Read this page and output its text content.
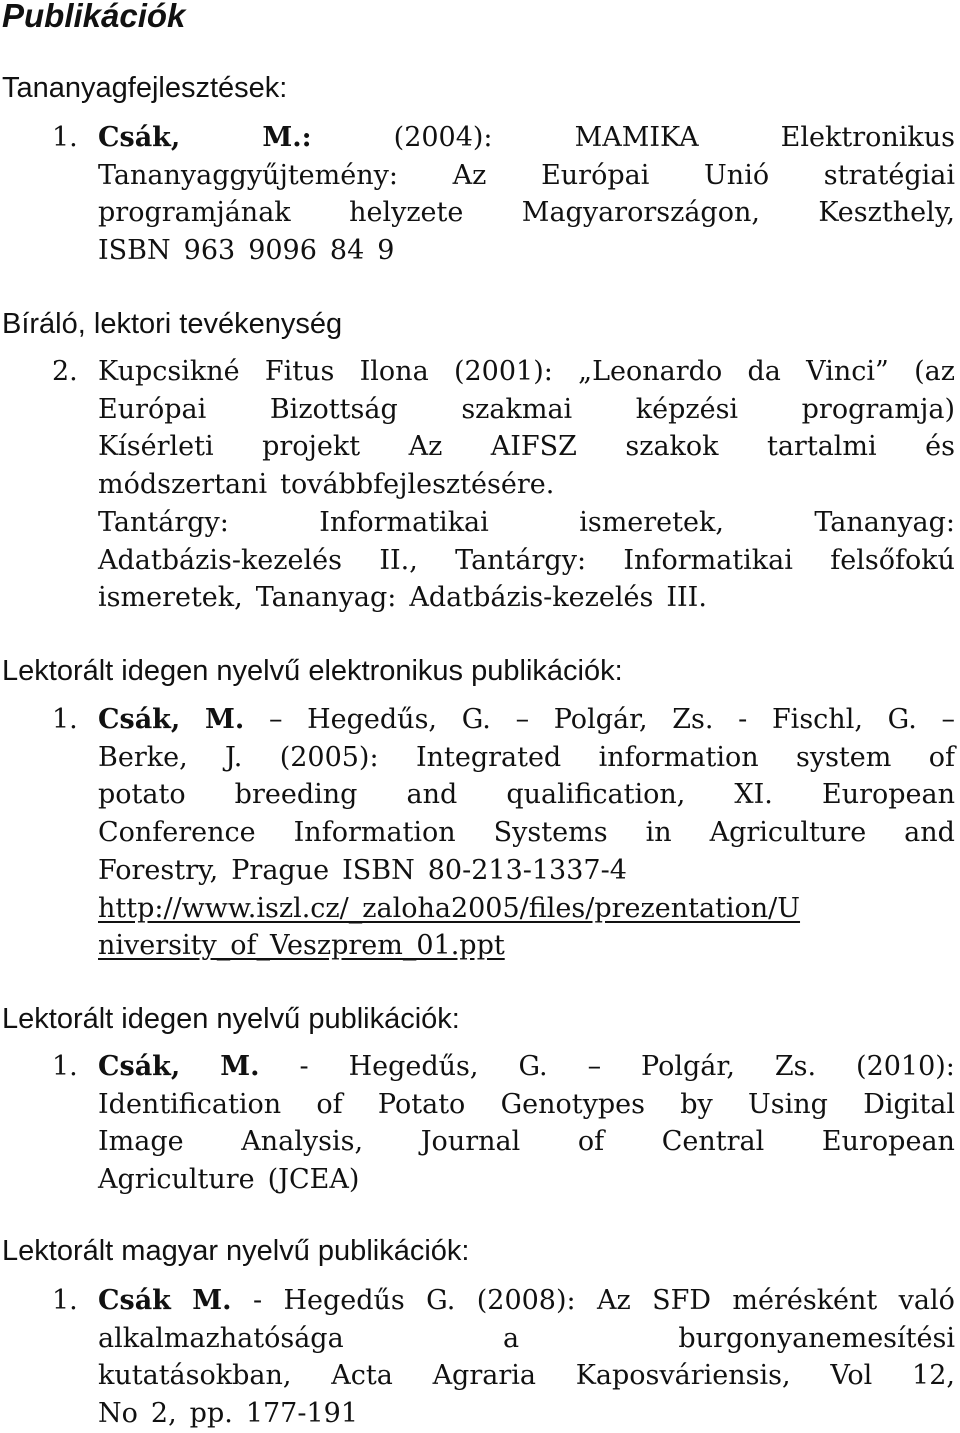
Publikációk
Tananyagfejlesztések:
1. Csák,	M.:	(2004):	MAMIKA	Elektronikus
Tananyaggyűjtemény: Az Európai Unió stratégiai
programjának helyzete Magyarországon, Keszthely,
ISBN 963 9096 84 9
Bíráló, lektori tevékenység
2. Kupcsikné Fitus Ilona (2001): „Leonardo da Vinci” (az
Európai Bizottság szakmai képzési programja)
Kísérleti projekt Az AIFSZ szakok tartalmi és
módszertani továbbfejlesztésére.
Tantárgy:	Informatikai	ismeretek,	Tananyag:
Adatbázis-kezelés II., Tantárgy: Informatikai felsőfokú
ismeretek, Tananyag: Adatbázis-kezelés III.
Lektorált idegen nyelvű elektronikus publikációk:
1. Csák, M. – Hegedűs, G. – Polgár, Zs. - Fischl, G. –
Berke, J. (2005): Integrated information system of
potato breeding and qualification, XI. European
Conference Information Systems in Agriculture and
Forestry, Prague ISBN 80-213-1337-4
http://www.iszl.cz/_zaloha2005/files/prezentation/U
niversity_of_Veszprem_01.ppt
Lektorált idegen nyelvű publikációk:
1. Csák, M. - Hegedűs, G. – Polgár, Zs. (2010):
Identification of Potato Genotypes by Using Digital
Image Analysis, Journal of Central European
Agriculture (JCEA)
Lektorált magyar nyelvű publikációk:
1. Csák M. - Hegedűs G. (2008): Az SFD mérésként való
alkalmazhatósága	a	burgonyanemesítési
kutatásokban, Acta Agraria Kaposváriensis, Vol 12,
No 2, pp. 177-191
